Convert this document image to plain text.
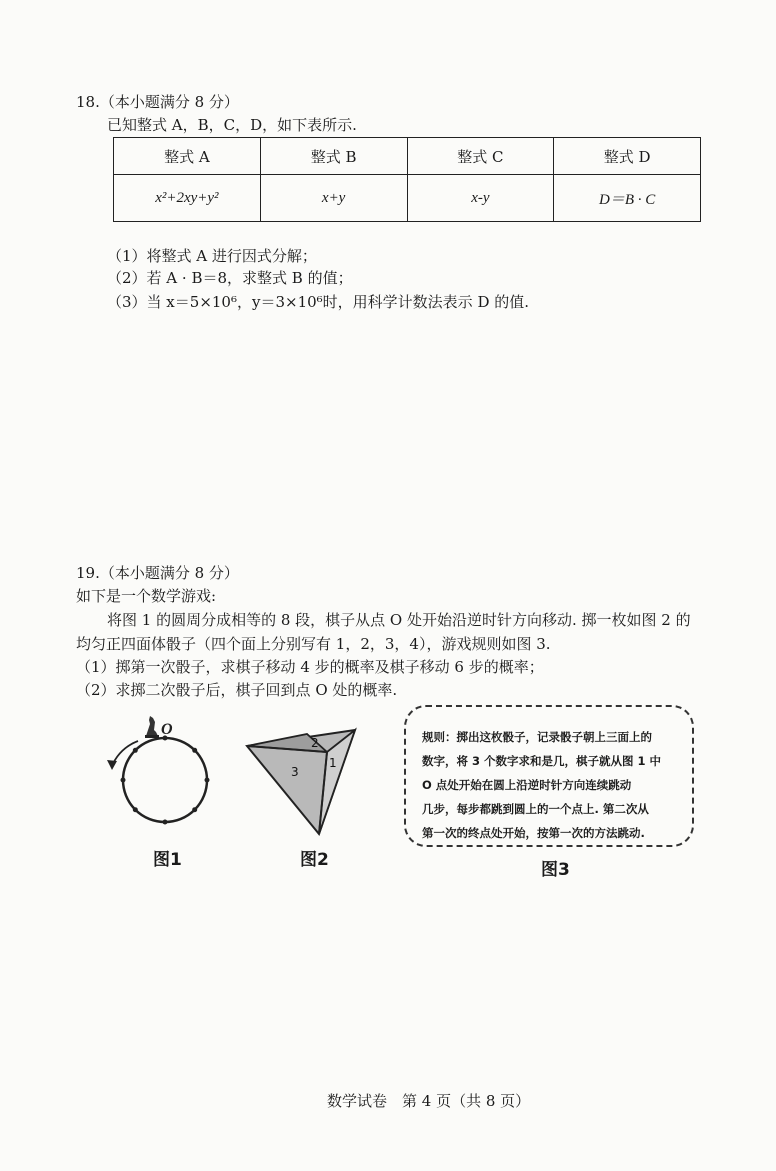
18.（本小题满分 8 分）
已知整式 A，B，C，D，如下表所示.
整式 A	整式 B	整式 C	整式 D
x²+2xy+y²	x+y	x-y	D＝B · C
（1）将整式 A 进行因式分解；
（2）若 A · B＝8，求整式 B 的值；
（3）当 x＝5×10⁶，y＝3×10⁶时，用科学计数法表示 D 的值.
19.（本小题满分 8 分）
如下是一个数学游戏:
将图 1 的圆周分成相等的 8 段，棋子从点 O 处开始沿逆时针方向移动. 掷一枚如图 2 的
均匀正四面体骰子（四个面上分别写有 1，2，3，4），游戏规则如图 3.
（1）掷第一次骰子，求棋子移动 4 步的概率及棋子移动 6 步的概率；
（2）求掷二次骰子后，棋子回到点 O 处的概率.
O
图1
2
3
1
图2
规则：掷出这枚骰子，记录骰子朝上三面上的
数字，将 3 个数字求和是几，棋子就从图 1 中
O 点处开始在圆上沿逆时针方向连续跳动
几步，每步都跳到圆上的一个点上. 第二次从
第一次的终点处开始，按第一次的方法跳动.
图3
数学试卷　第 4 页（共 8 页）
